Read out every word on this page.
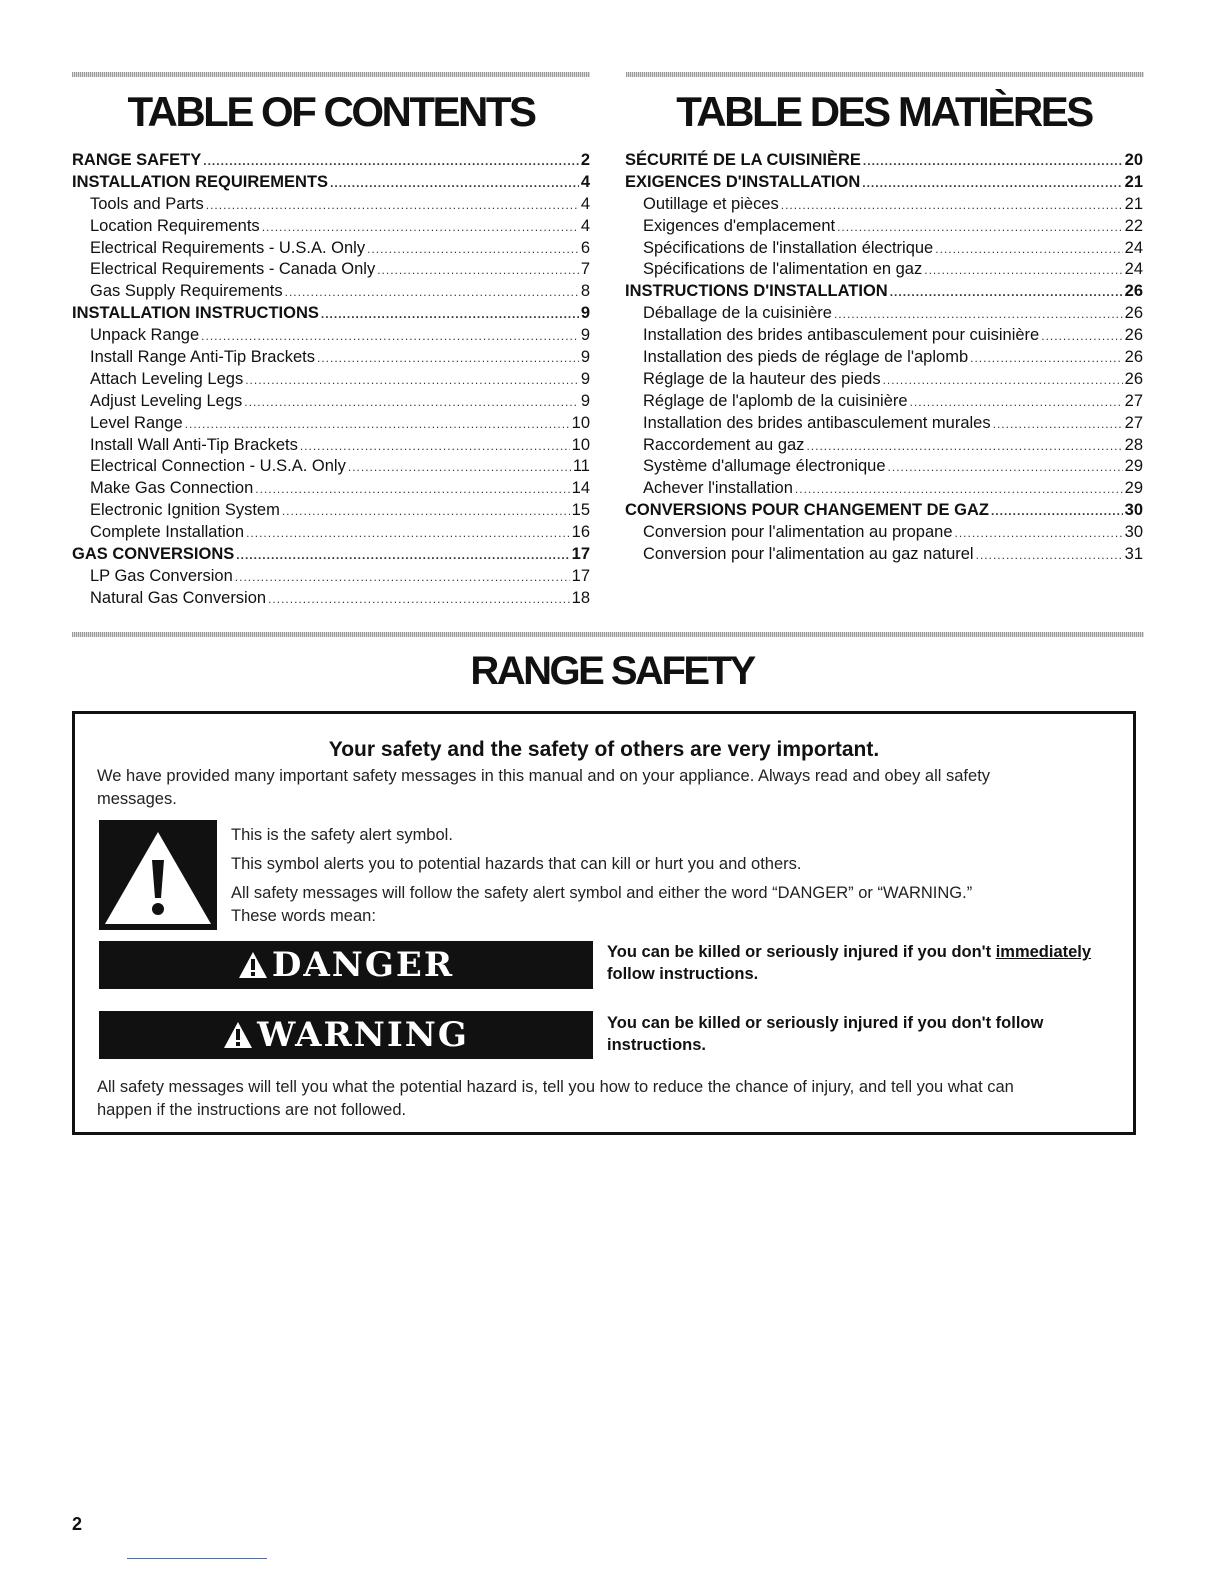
TABLE OF CONTENTS
RANGE SAFETY .....	2
INSTALLATION REQUIREMENTS .....	4
Tools and Parts .....	4
Location Requirements .....	4
Electrical Requirements - U.S.A. Only .....	6
Electrical Requirements - Canada Only .....	7
Gas Supply Requirements .....	8
INSTALLATION INSTRUCTIONS .....	9
Unpack Range .....	9
Install Range Anti-Tip Brackets .....	9
Attach Leveling Legs .....	9
Adjust Leveling Legs .....	9
Level Range .....	10
Install Wall Anti-Tip Brackets .....	10
Electrical Connection - U.S.A. Only .....	11
Make Gas Connection .....	14
Electronic Ignition System .....	15
Complete Installation .....	16
GAS CONVERSIONS .....	17
LP Gas Conversion .....	17
Natural Gas Conversion .....	18
TABLE DES MATIÈRES
SÉCURITÉ DE LA CUISINIÈRE .....	20
EXIGENCES D'INSTALLATION .....	21
Outillage et pièces .....	21
Exigences d'emplacement .....	22
Spécifications de l'installation électrique .....	24
Spécifications de l'alimentation en gaz .....	24
INSTRUCTIONS D'INSTALLATION .....	26
Déballage de la cuisinière .....	26
Installation des brides antibasculement pour cuisinière .....	26
Installation des pieds de réglage de l'aplomb .....	26
Réglage de la hauteur des pieds .....	26
Réglage de l'aplomb de la cuisinière .....	27
Installation des brides antibasculement murales .....	27
Raccordement au gaz .....	28
Système d'allumage électronique .....	29
Achever l'installation .....	29
CONVERSIONS POUR CHANGEMENT DE GAZ .....	30
Conversion pour l'alimentation au propane .....	30
Conversion pour l'alimentation au gaz naturel .....	31
RANGE SAFETY
Your safety and the safety of others are very important.
We have provided many important safety messages in this manual and on your appliance. Always read and obey all safety
messages.
This is the safety alert symbol.
This symbol alerts you to potential hazards that can kill or hurt you and others.
All safety messages will follow the safety alert symbol and either the word “DANGER” or “WARNING.”
These words mean:
DANGER	You can be killed or seriously injured if you don't immediately
follow instructions.
WARNING	You can be killed or seriously injured if you don't follow
instructions.
All safety messages will tell you what the potential hazard is, tell you how to reduce the chance of injury, and tell you what can
happen if the instructions are not followed.
2
